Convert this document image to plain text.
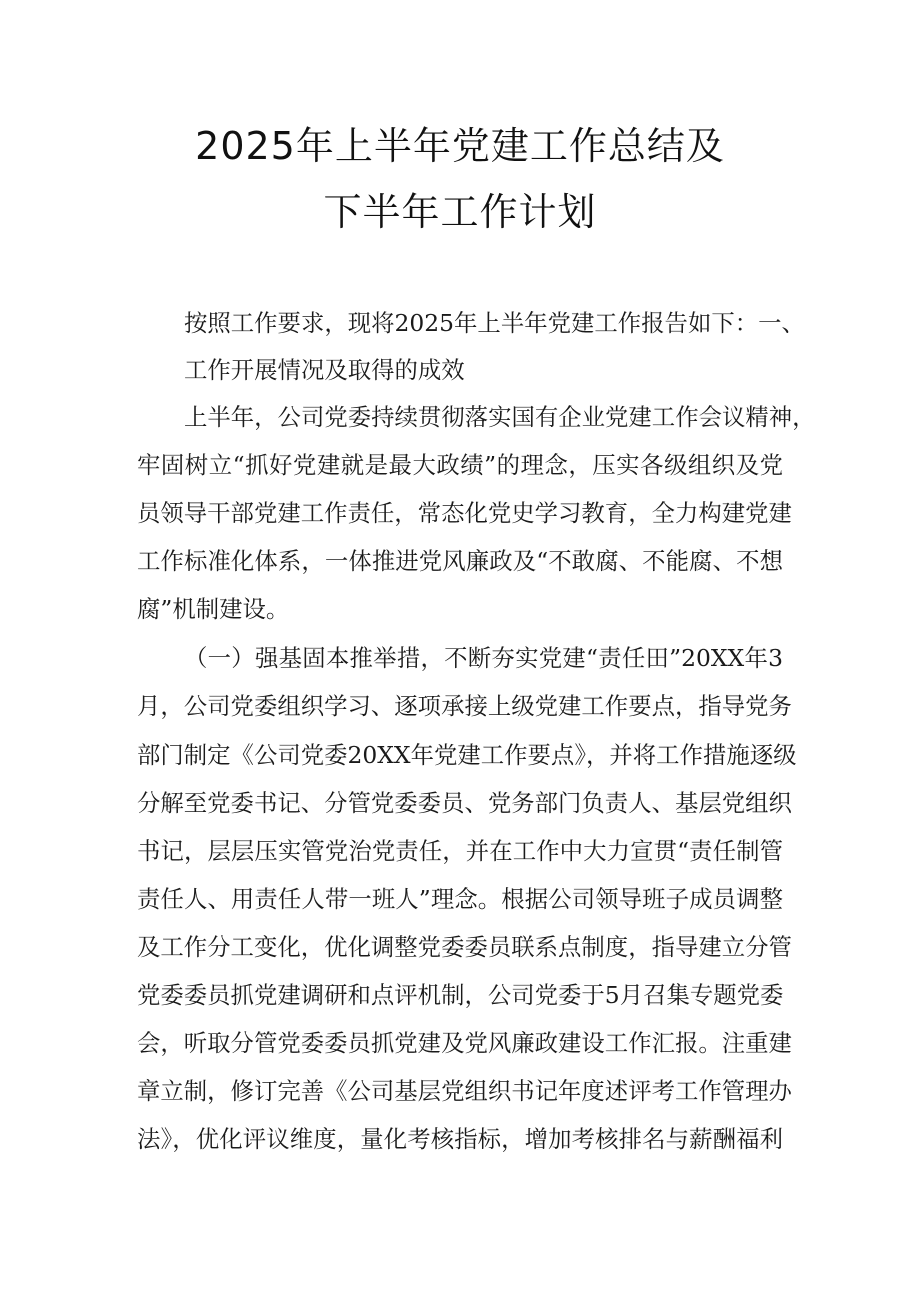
2025年上半年党建工作总结及
下半年工作计划
按照工作要求，现将2025年上半年党建工作报告如下：一、
工作开展情况及取得的成效
上半年，公司党委持续贯彻落实国有企业党建工作会议精神，
牢固树立“抓好党建就是最大政绩”的理念，压实各级组织及党
员领导干部党建工作责任，常态化党史学习教育，全力构建党建
工作标准化体系，一体推进党风廉政及“不敢腐、不能腐、不想
腐”机制建设。
（一）强基固本推举措，不断夯实党建“责任田”20XX年3
月，公司党委组织学习、逐项承接上级党建工作要点，指导党务
部门制定《公司党委20XX年党建工作要点》，并将工作措施逐级
分解至党委书记、分管党委委员、党务部门负责人、基层党组织
书记，层层压实管党治党责任，并在工作中大力宣贯“责任制管
责任人、用责任人带一班人”理念。根据公司领导班子成员调整
及工作分工变化，优化调整党委委员联系点制度，指导建立分管
党委委员抓党建调研和点评机制，公司党委于5月召集专题党委
会，听取分管党委委员抓党建及党风廉政建设工作汇报。注重建
章立制，修订完善《公司基层党组织书记年度述评考工作管理办
法》，优化评议维度，量化考核指标，增加考核排名与薪酬福利
